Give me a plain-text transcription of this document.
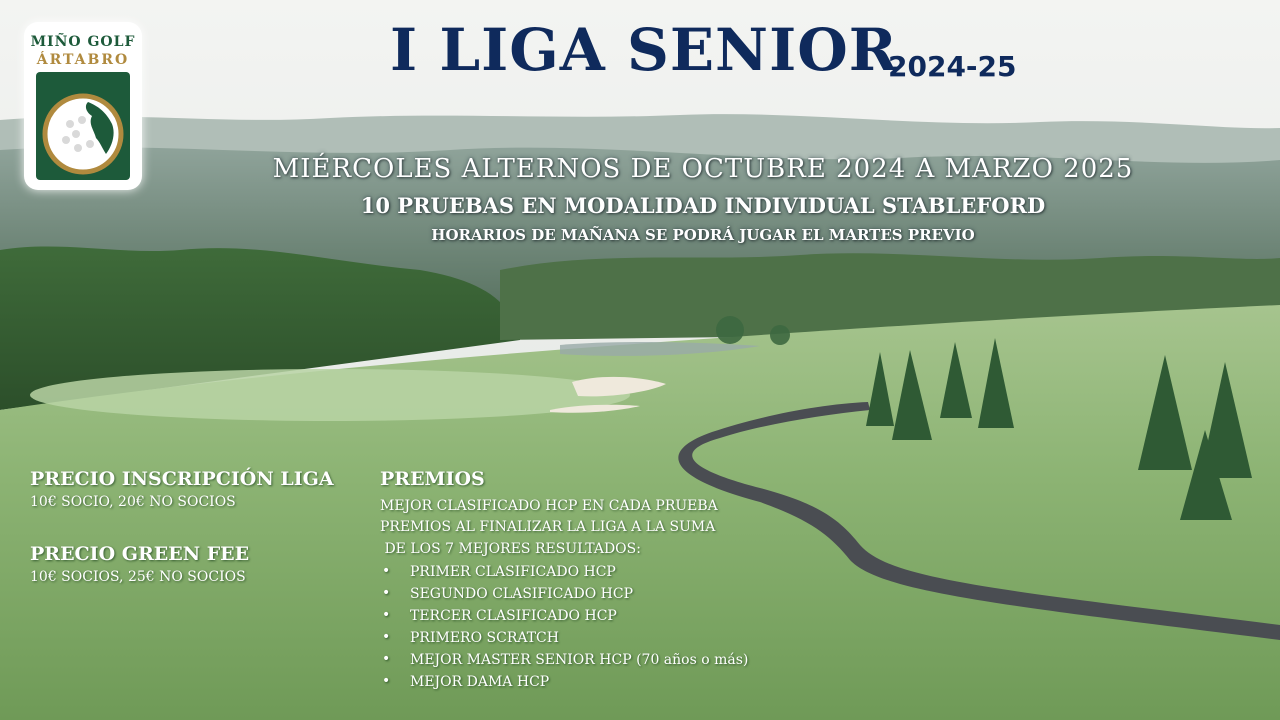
MIÑO GOLF
ÁRTABRO	I LIGA SENIOR
2024-25
MIÉRCOLES ALTERNOS DE OCTUBRE 2024 A MARZO 2025
10 PRUEBAS EN MODALIDAD INDIVIDUAL STABLEFORD
HORARIOS DE MAÑANA SE PODRÁ JUGAR EL MARTES PREVIO
PRECIO INSCRIPCIÓN LIGA
10€ SOCIO, 20€ NO SOCIOS
PRECIO GREEN FEE
10€ SOCIOS, 25€ NO SOCIOS
PREMIOS
MEJOR CLASIFICADO HCP EN CADA PRUEBA
PREMIOS AL FINALIZAR LA LIGA A LA SUMA
DE LOS 7 MEJORES RESULTADOS:
• PRIMER CLASIFICADO HCP
• SEGUNDO CLASIFICADO HCP
• TERCER CLASIFICADO HCP
• PRIMERO SCRATCH
• MEJOR MASTER SENIOR HCP (70 años o más)
• MEJOR DAMA HCP
